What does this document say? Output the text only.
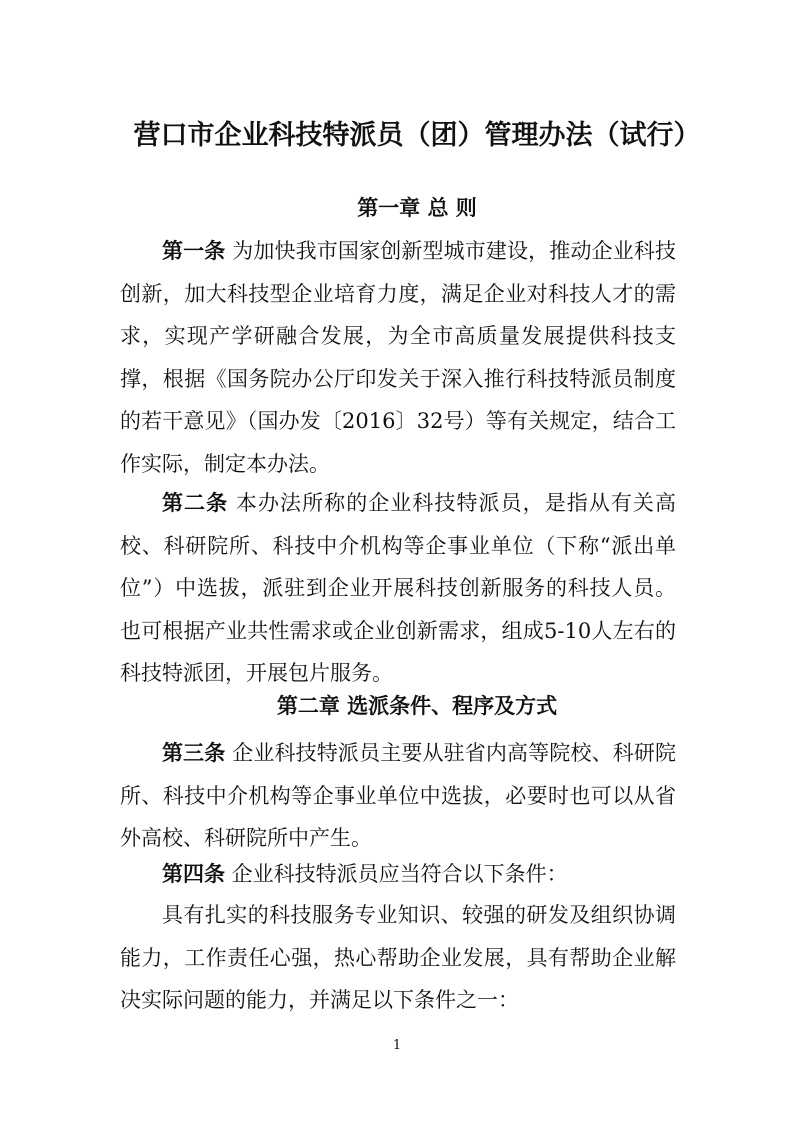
营口市企业科技特派员（团）管理办法（试行）
第一章 总 则
第一条 为加快我市国家创新型城市建设，推动企业科技创新，加大科技型企业培育力度，满足企业对科技人才的需求，实现产学研融合发展，为全市高质量发展提供科技支撑，根据《国务院办公厅印发关于深入推行科技特派员制度的若干意见》（国办发〔2016〕32号）等有关规定，结合工作实际，制定本办法。
第二条 本办法所称的企业科技特派员，是指从有关高校、科研院所、科技中介机构等企事业单位（下称“派出单位”）中选拔，派驻到企业开展科技创新服务的科技人员。也可根据产业共性需求或企业创新需求，组成5-10人左右的科技特派团，开展包片服务。
第二章 选派条件、程序及方式
第三条 企业科技特派员主要从驻省内高等院校、科研院所、科技中介机构等企事业单位中选拔，必要时也可以从省外高校、科研院所中产生。
第四条 企业科技特派员应当符合以下条件：
具有扎实的科技服务专业知识、较强的研发及组织协调能力，工作责任心强，热心帮助企业发展，具有帮助企业解决实际问题的能力，并满足以下条件之一：
1
